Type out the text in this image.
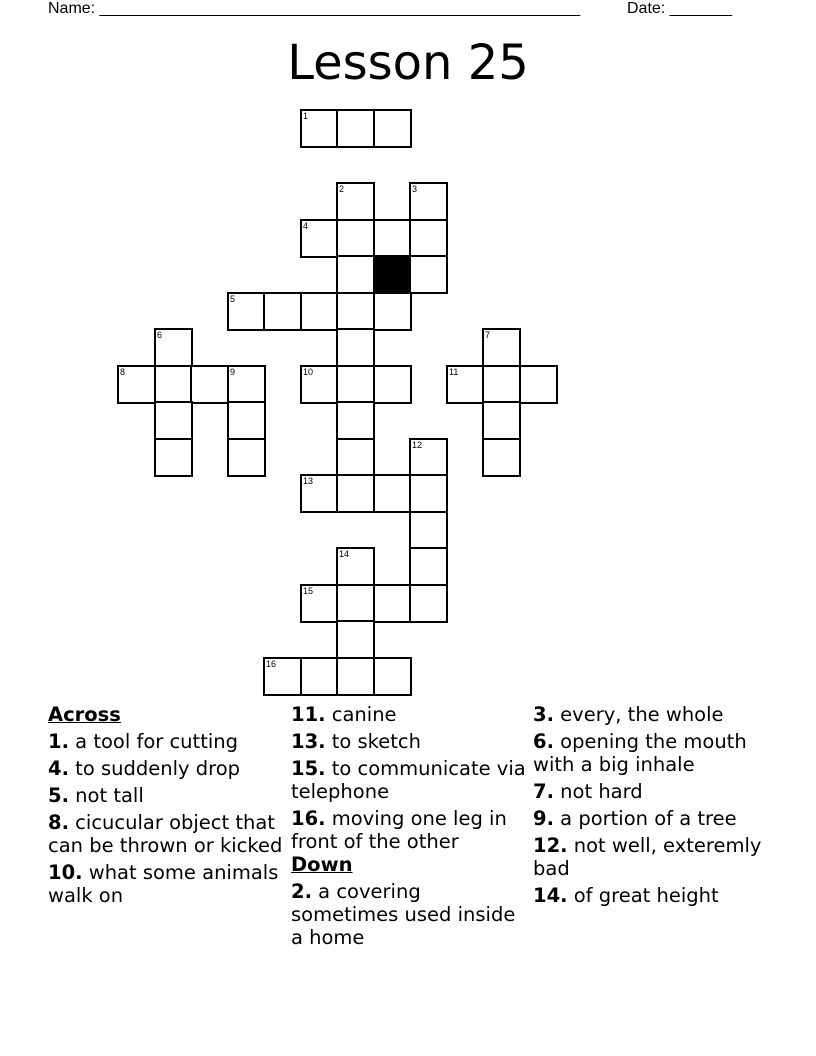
Name: ______________________________________________________	Date: _______
Lesson 25
1
2	3
4
5
6	7
8	9	10	11
12
13
14
15
16
Across
1. a tool for cutting
4. to suddenly drop
5. not tall
8. cicucular object that can be thrown or kicked
10. what some animals walk on
11. canine
13. to sketch
15. to communicate via telephone
16. moving one leg in front of the other
Down
2. a covering sometimes used inside a home
3. every, the whole
6. opening the mouth with a big inhale
7. not hard
9. a portion of a tree
12. not well, exteremly bad
14. of great height
